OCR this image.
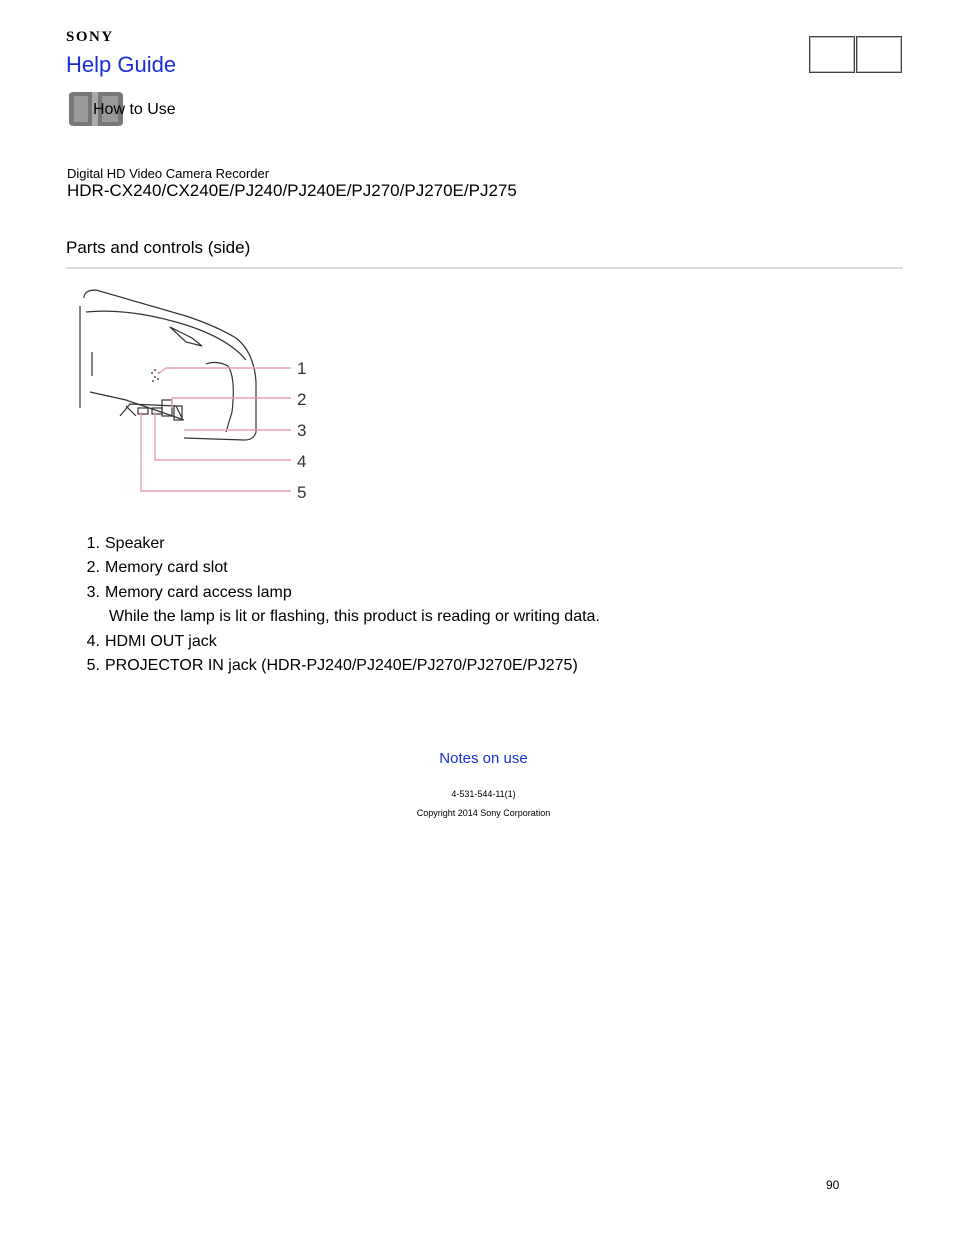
SONY
Help Guide
How to Use
Digital HD Video Camera Recorder
HDR-CX240/CX240E/PJ240/PJ240E/PJ270/PJ270E/PJ275
Parts and controls (side)
1
2
3
4
5
1. Speaker
2. Memory card slot
3. Memory card access lamp
While the lamp is lit or flashing, this product is reading or writing data.
4. HDMI OUT jack
5. PROJECTOR IN jack (HDR-PJ240/PJ240E/PJ270/PJ270E/PJ275)
Notes on use
4-531-544-11(1)
Copyright 2014 Sony Corporation
90
